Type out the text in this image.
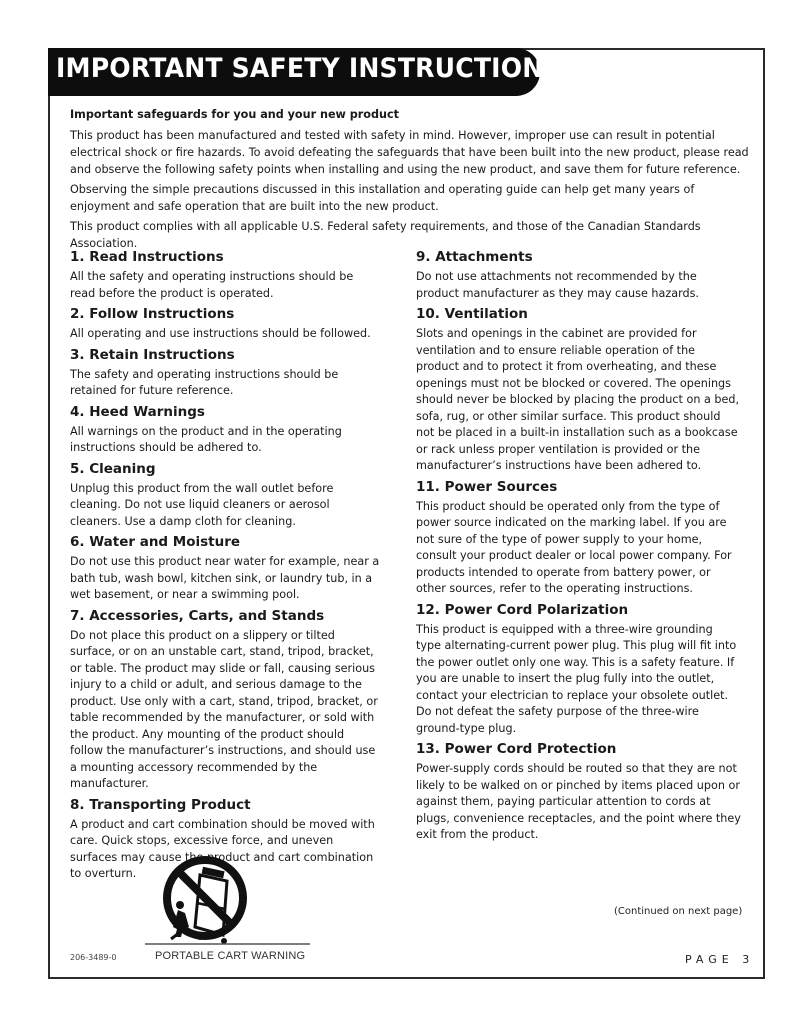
IMPORTANT SAFETY INSTRUCTIONS
Important safeguards for you and your new product

This product has been manufactured and tested with safety in mind. However, improper use can result in potential electrical shock or fire hazards. To avoid defeating the safeguards that have been built into the new product, please read and observe the following safety points when installing and using the new product, and save them for future reference.

Observing the simple precautions discussed in this installation and operating guide can help get many years of enjoyment and safe operation that are built into the new product.

This product complies with all applicable U.S. Federal safety requirements, and those of the Canadian Standards Association.

1. Read Instructions

All the safety and operating instructions should be read before the product is operated.

2. Follow Instructions

All operating and use instructions should be followed.

3. Retain Instructions

The safety and operating instructions should be retained for future reference.

4. Heed Warnings

All warnings on the product and in the operating instructions should be adhered to.

5. Cleaning

Unplug this product from the wall outlet before cleaning. Do not use liquid cleaners or aerosol cleaners. Use a damp cloth for cleaning.

6. Water and Moisture

Do not use this product near water for example, near a bath tub, wash bowl, kitchen sink, or laundry tub, in a wet basement, or near a swimming pool.

7. Accessories, Carts, and Stands

Do not place this product on a slippery or tilted surface, or on an unstable cart, stand, tripod, bracket, or table. The product may slide or fall, causing serious injury to a child or adult, and serious damage to the product. Use only with a cart, stand, tripod, bracket, or table recommended by the manufacturer, or sold with the product. Any mounting of the product should follow the manufacturer’s instructions, and should use a mounting accessory recommended by the manufacturer.

8. Transporting Product

A product and cart combination should be moved with care. Quick stops, excessive force, and uneven surfaces may cause the product and cart combination to overturn.

9. Attachments

Do not use attachments not recommended by the product manufacturer as they may cause hazards.

10. Ventilation

Slots and openings in the cabinet are provided for ventilation and to ensure reliable operation of the product and to protect it from overheating, and these openings must not be blocked or covered. The openings should never be blocked by placing the product on a bed, sofa, rug, or other similar surface. This product should not be placed in a built-in installation such as a bookcase or rack unless proper ventilation is provided or the manufacturer’s instructions have been adhered to.

11. Power Sources

This product should be operated only from the type of power source indicated on the marking label. If you are not sure of the type of power supply to your home, consult your product dealer or local power company. For products intended to operate from battery power, or other sources, refer to the operating instructions.

12. Power Cord Polarization

This product is equipped with a three-wire grounding type alternating-current power plug. This plug will fit into the power outlet only one way. This is a safety feature. If you are unable to insert the plug fully into the outlet, contact your electrician to replace your obsolete outlet. Do not defeat the safety purpose of the three-wire ground-type plug.

13. Power Cord Protection

Power-supply cords should be routed so that they are not likely to be walked on or pinched by items placed upon or against them, paying particular attention to cords at plugs, convenience receptacles, and the point where they exit from the product.

PORTABLE CART WARNING
206-3489-0
(Continued on next page)
PAGE 3
